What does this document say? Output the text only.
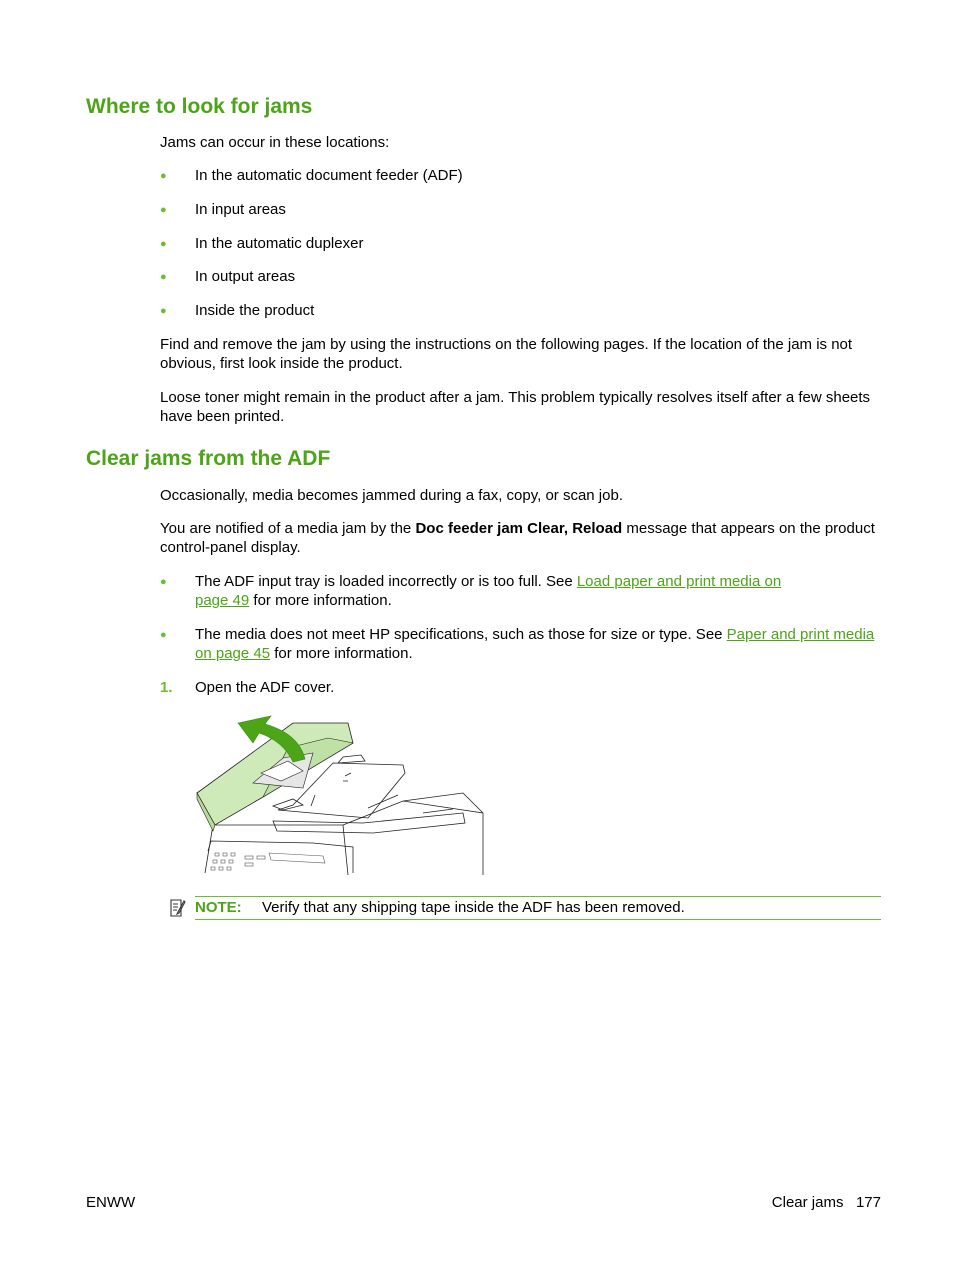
Where to look for jams

Jams can occur in these locations:

●
In the automatic document feeder (ADF)
●
In input areas
●
In the automatic duplexer
●
In output areas
●
Inside the product

Find and remove the jam by using the instructions on the following pages. If the location of the jam is not obvious, first look inside the product.

Loose toner might remain in the product after a jam. This problem typically resolves itself after a few sheets have been printed.

Clear jams from the ADF

Occasionally, media becomes jammed during a fax, copy, or scan job.

You are notified of a media jam by the Doc feeder jam Clear, Reload message that appears on the product control-panel display.

●
The ADF input tray is loaded incorrectly or is too full. See Load paper and print media on page 49 for more information.
●
The media does not meet HP specifications, such as those for size or type. See Paper and print media on page 45 for more information.
1. Open the ADF cover.
NOTE: Verify that any shipping tape inside the ADF has been removed.
ENWW	Clear jams   177
